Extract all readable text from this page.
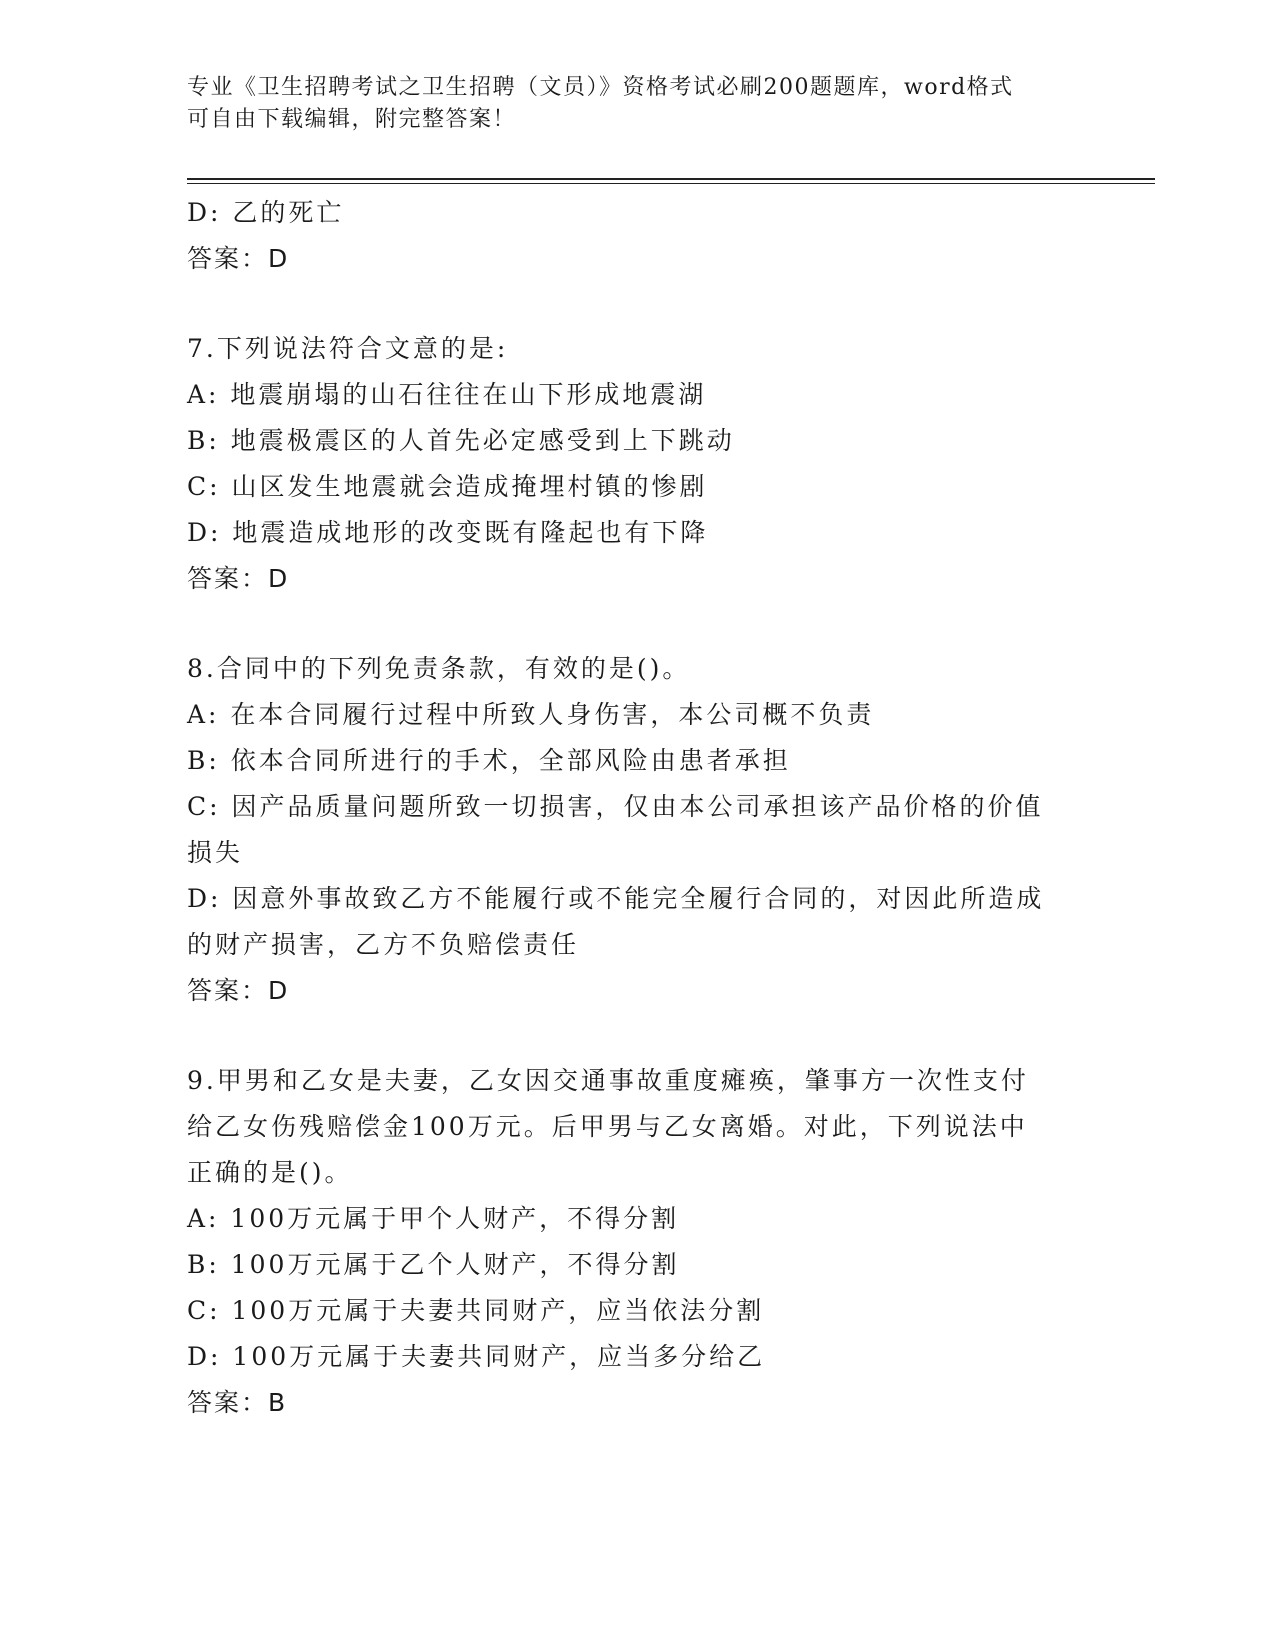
专业《卫生招聘考试之卫生招聘（文员）》资格考试必刷200题题库，word格式
可自由下载编辑，附完整答案！
D: 乙的死亡
答案：D
7.下列说法符合文意的是:
A: 地震崩塌的山石往往在山下形成地震湖
B: 地震极震区的人首先必定感受到上下跳动
C: 山区发生地震就会造成掩埋村镇的惨剧
D: 地震造成地形的改变既有隆起也有下降
答案：D
8.合同中的下列免责条款，有效的是()。
A: 在本合同履行过程中所致人身伤害，本公司概不负责
B: 依本合同所进行的手术，全部风险由患者承担
C: 因产品质量问题所致一切损害，仅由本公司承担该产品价格的价值
损失
D: 因意外事故致乙方不能履行或不能完全履行合同的，对因此所造成
的财产损害，乙方不负赔偿责任
答案：D
9.甲男和乙女是夫妻，乙女因交通事故重度瘫痪，肇事方一次性支付
给乙女伤残赔偿金100万元。后甲男与乙女离婚。对此，下列说法中
正确的是()。
A: 100万元属于甲个人财产，不得分割
B: 100万元属于乙个人财产，不得分割
C: 100万元属于夫妻共同财产，应当依法分割
D: 100万元属于夫妻共同财产，应当多分给乙
答案：B
